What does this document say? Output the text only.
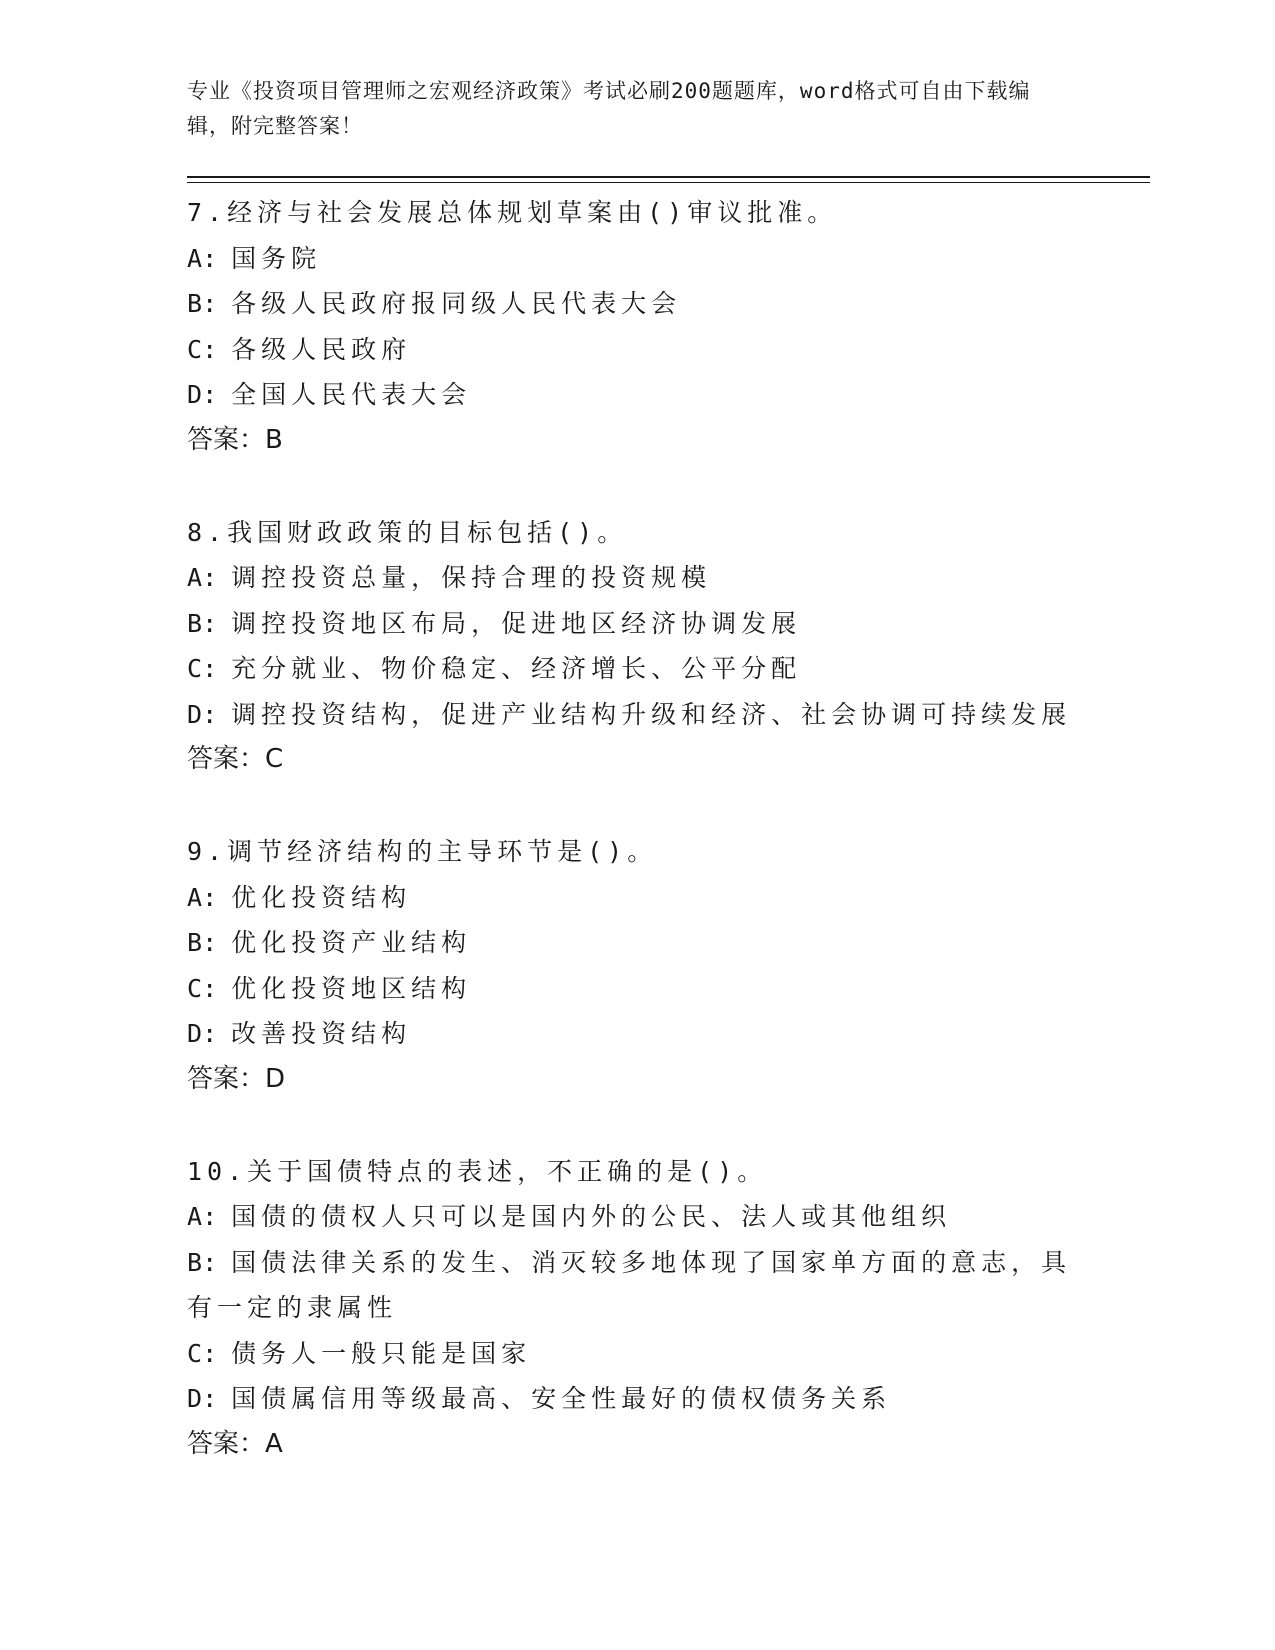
专业《投资项目管理师之宏观经济政策》考试必刷200题题库，word格式可自由下载编辑，附完整答案！
7.经济与社会发展总体规划草案由()审议批准。
A: 国务院
B: 各级人民政府报同级人民代表大会
C: 各级人民政府
D: 全国人民代表大会
答案：B
8.我国财政政策的目标包括()。
A: 调控投资总量，保持合理的投资规模
B: 调控投资地区布局，促进地区经济协调发展
C: 充分就业、物价稳定、经济增长、公平分配
D: 调控投资结构，促进产业结构升级和经济、社会协调可持续发展
答案：C
9.调节经济结构的主导环节是()。
A: 优化投资结构
B: 优化投资产业结构
C: 优化投资地区结构
D: 改善投资结构
答案：D
10.关于国债特点的表述，不正确的是()。
A: 国债的债权人只可以是国内外的公民、法人或其他组织
B: 国债法律关系的发生、消灭较多地体现了国家单方面的意志，具有一定的隶属性
C: 债务人一般只能是国家
D: 国债属信用等级最高、安全性最好的债权债务关系
答案：A
